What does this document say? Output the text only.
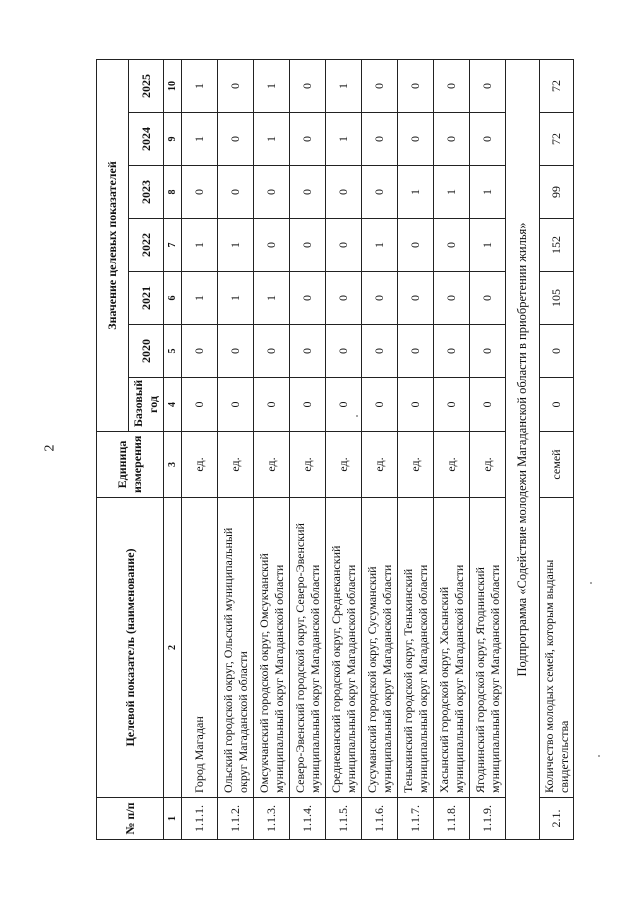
2
№ п/п	Целевой показатель (наименование)	Единица измерения	Значение целевых показателей						
			Базовый год	2020	2021	2022	2023	2024	2025
1	2	3	4	5	6	7	8	9	10
1.1.1.	Город Магадан	ед.	0	0	1	1	0	1	1
1.1.2.	Ольский городской округ, Ольский муниципальный округ Магаданской области	ед.	0	0	1	1	0	0	0
1.1.3.	Омсукчанский городской округ, Омсукчанский муниципальный округ Магаданской области	ед.	0	0	1	0	0	1	1
1.1.4.	Северо-Эвенский городской округ, Северо-Эвенский муниципальный округ Магаданской области	ед.	0	0	0	0	0	0	0
1.1.5.	Среднеканский городской округ, Среднеканский муниципальный округ Магаданской области	ед.	0	0	0	0	0	1	1
1.1.6.	Сусуманский городской округ, Сусуманский муниципальный округ Магаданской области	ед.	0	0	0	1	0	0	0
1.1.7.	Тенькинский городской округ, Тенькинский муниципальный округ Магаданской области	ед.	0	0	0	0	1	0	0
1.1.8.	Хасынский городской округ, Хасынский муниципальный округ Магаданской области	ед.	0	0	0	0	1	0	0
1.1.9.	Ягоднинский городской округ, Ягоднинский муниципальный округ Магаданской области	ед.	0	0	0	1	1	0	0
Подпрограмма «Содействие молодежи Магаданской области в приобретении жилья»									
2.1.	Количество молодых семей, которым выданы свидетельства	семей	0	0	105	152	99	72	72
